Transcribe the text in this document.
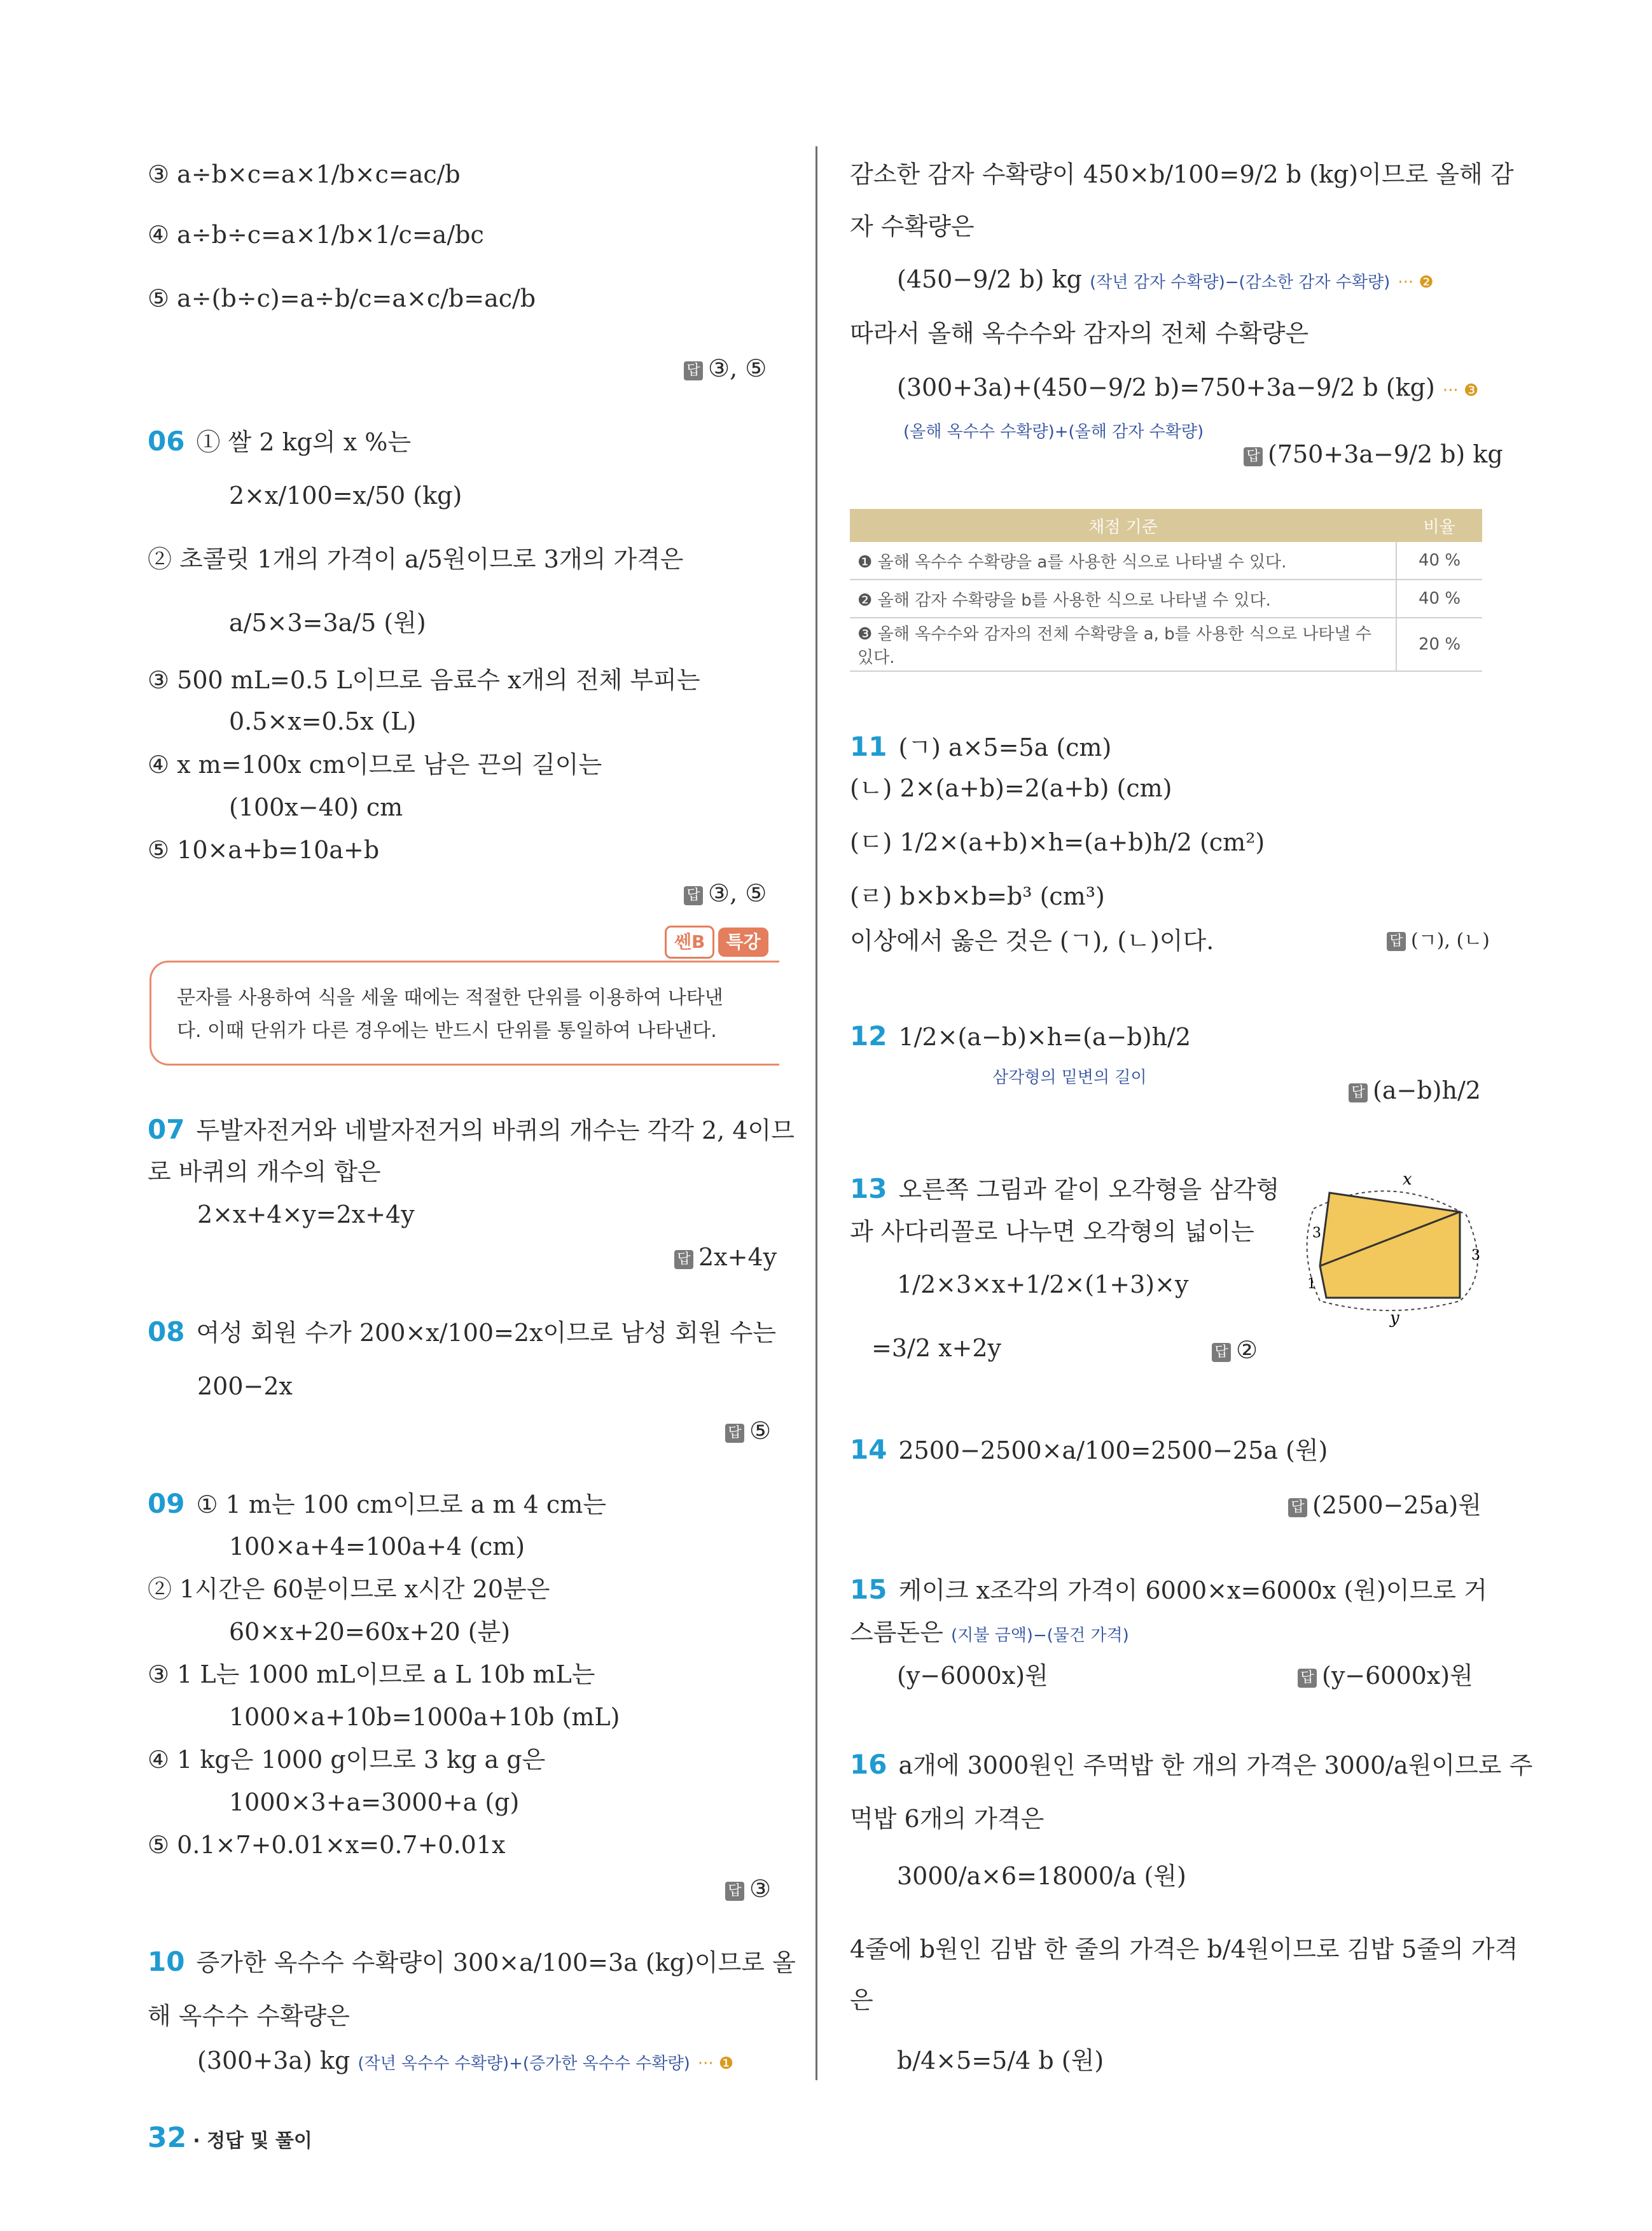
③ a÷b×c=a×1/b×c=ac/b
④ a÷b÷c=a×1/b×1/c=a/bc
⑤ a÷(b÷c)=a÷b/c=a×c/b=ac/b
답 ③, ⑤
06 ① 쌀 2 kg의 x %는
2×x/100=x/50 (kg)
② 초콜릿 1개의 가격이 a/5원이므로 3개의 가격은
a/5×3=3a/5 (원)
③ 500 mL=0.5 L이므로 음료수 x개의 전체 부피는
0.5×x=0.5x (L)
④ x m=100x cm이므로 남은 끈의 길이는
(100x−40) cm
⑤ 10×a+b=10a+b
답 ③, ⑤
쎈B 특강
문자를 사용하여 식을 세울 때에는 적절한 단위를 이용하여 나타낸
다. 이때 단위가 다른 경우에는 반드시 단위를 통일하여 나타낸다.
07 두발자전거와 네발자전거의 바퀴의 개수는 각각 2, 4이므
로 바퀴의 개수의 합은
2×x+4×y=2x+4y
답 2x+4y
08 여성 회원 수가 200×x/100=2x이므로 남성 회원 수는
200−2x
답 ⑤
09 ① 1 m는 100 cm이므로 a m 4 cm는
100×a+4=100a+4 (cm)
② 1시간은 60분이므로 x시간 20분은
60×x+20=60x+20 (분)
③ 1 L는 1000 mL이므로 a L 10b mL는
1000×a+10b=1000a+10b (mL)
④ 1 kg은 1000 g이므로 3 kg a g은
1000×3+a=3000+a (g)
⑤ 0.1×7+0.01×x=0.7+0.01x
답 ③
10 증가한 옥수수 수확량이 300×a/100=3a (kg)이므로 올
해 옥수수 수확량은
(300+3a) kg (작년 옥수수 수확량)+(증가한 옥수수 수확량) ··· ❶
감소한 감자 수확량이 450×b/100=9/2 b (kg)이므로 올해 감
자 수확량은
(450−9/2 b) kg (작년 감자 수확량)−(감소한 감자 수확량) ··· ❷
따라서 올해 옥수수와 감자의 전체 수확량은
(300+3a)+(450−9/2 b)=750+3a−9/2 b (kg) ··· ❸
(올해 옥수수 수확량)+(올해 감자 수확량)
답 (750+3a−9/2 b) kg
채점 기준	비율
❶ 올해 옥수수 수확량을 a를 사용한 식으로 나타낼 수 있다.	40 %
❷ 올해 감자 수확량을 b를 사용한 식으로 나타낼 수 있다.	40 %
❸ 올해 옥수수와 감자의 전체 수확량을 a, b를 사용한 식으로 나타낼 수 있다.	20 %
11 (ㄱ) a×5=5a (cm)
(ㄴ) 2×(a+b)=2(a+b) (cm)
(ㄷ) 1/2×(a+b)×h=(a+b)h/2 (cm²)
(ㄹ) b×b×b=b³ (cm³)
이상에서 옳은 것은 (ㄱ), (ㄴ)이다.	답 (ㄱ), (ㄴ)
12 1/2×(a−b)×h=(a−b)h/2
삼각형의 밑변의 길이
답 (a−b)h/2
13 오른쪽 그림과 같이 오각형을 삼각형
과 사다리꼴로 나누면 오각형의 넓이는
1/2×3×x+1/2×(1+3)×y
=3/2 x+2y	답 ②
x
y
3
3
1
14 2500−2500×a/100=2500−25a (원)
답 (2500−25a)원
15 케이크 x조각의 가격이 6000×x=6000x (원)이므로 거
스름돈은 (지불 금액)−(물건 가격)
(y−6000x)원	답 (y−6000x)원
16 a개에 3000원인 주먹밥 한 개의 가격은 3000/a원이므로 주
먹밥 6개의 가격은
3000/a×6=18000/a (원)
4줄에 b원인 김밥 한 줄의 가격은 b/4원이므로 김밥 5줄의 가격
은
b/4×5=5/4 b (원)
32 · 정답 및 풀이
